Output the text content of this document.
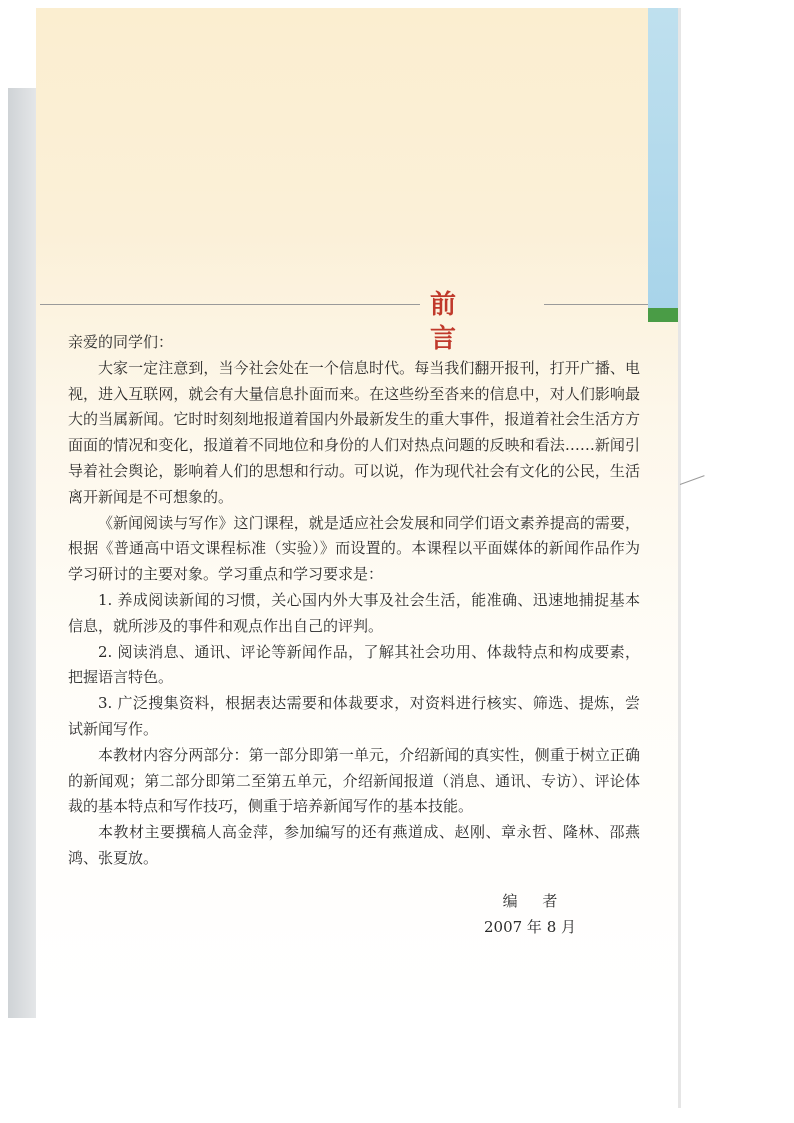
前 言

亲爱的同学们：

大家一定注意到，当今社会处在一个信息时代。每当我们翻开报刊，打开广播、电视，进入互联网，就会有大量信息扑面而来。在这些纷至沓来的信息中，对人们影响最大的当属新闻。它时时刻刻地报道着国内外最新发生的重大事件，报道着社会生活方方面面的情况和变化，报道着不同地位和身份的人们对热点问题的反映和看法……新闻引导着社会舆论，影响着人们的思想和行动。可以说，作为现代社会有文化的公民，生活离开新闻是不可想象的。

《新闻阅读与写作》这门课程，就是适应社会发展和同学们语文素养提高的需要，根据《普通高中语文课程标准（实验）》而设置的。本课程以平面媒体的新闻作品作为学习研讨的主要对象。学习重点和学习要求是：

1. 养成阅读新闻的习惯，关心国内外大事及社会生活，能准确、迅速地捕捉基本信息，就所涉及的事件和观点作出自己的评判。

2. 阅读消息、通讯、评论等新闻作品，了解其社会功用、体裁特点和构成要素，把握语言特色。

3. 广泛搜集资料，根据表达需要和体裁要求，对资料进行核实、筛选、提炼，尝试新闻写作。

本教材内容分两部分：第一部分即第一单元，介绍新闻的真实性，侧重于树立正确的新闻观；第二部分即第二至第五单元，介绍新闻报道（消息、通讯、专访）、评论体裁的基本特点和写作技巧，侧重于培养新闻写作的基本技能。

本教材主要撰稿人高金萍，参加编写的还有燕道成、赵刚、章永哲、隆林、邵燕鸿、张夏放。

编 者
2007 年 8 月
